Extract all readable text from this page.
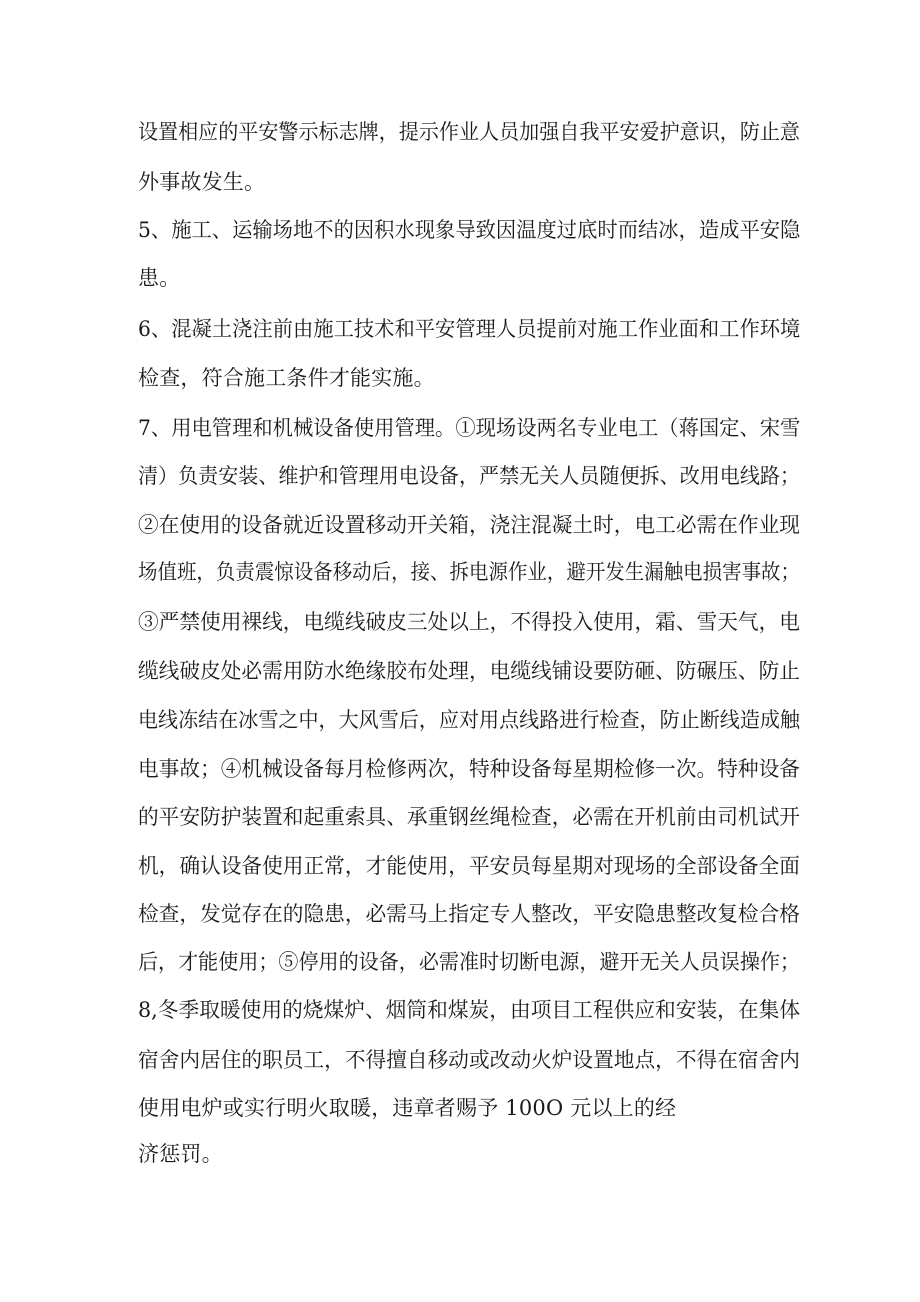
设置相应的平安警示标志牌，提示作业人员加强自我平安爱护意识，防止意
外事故发生。
5、施工、运输场地不的因积水现象导致因温度过底时而结冰，造成平安隐
患。
6、混凝土浇注前由施工技术和平安管理人员提前对施工作业面和工作环境
检查，符合施工条件才能实施。
7、用电管理和机械设备使用管理。①现场设两名专业电工（蒋国定、宋雪
清）负责安装、维护和管理用电设备，严禁无关人员随便拆、改用电线路；
②在使用的设备就近设置移动开关箱，浇注混凝土时，电工必需在作业现
场值班，负责震惊设备移动后，接、拆电源作业，避开发生漏触电损害事故；
③严禁使用裸线，电缆线破皮三处以上，不得投入使用，霜、雪天气，电
缆线破皮处必需用防水绝缘胶布处理，电缆线铺设要防砸、防碾压、防止
电线冻结在冰雪之中，大风雪后，应对用点线路进行检查，防止断线造成触
电事故；④机械设备每月检修两次，特种设备每星期检修一次。特种设备
的平安防护装置和起重索具、承重钢丝绳检查，必需在开机前由司机试开
机，确认设备使用正常，才能使用，平安员每星期对现场的全部设备全面
检查，发觉存在的隐患，必需马上指定专人整改，平安隐患整改复检合格
后，才能使用；⑤停用的设备，必需准时切断电源，避开无关人员误操作；
8,冬季取暖使用的烧煤炉、烟筒和煤炭，由项目工程供应和安装，在集体
宿舍内居住的职员工，不得擅自移动或改动火炉设置地点，不得在宿舍内
使用电炉或实行明火取暖，违章者赐予 100O 元以上的经
济惩罚。
